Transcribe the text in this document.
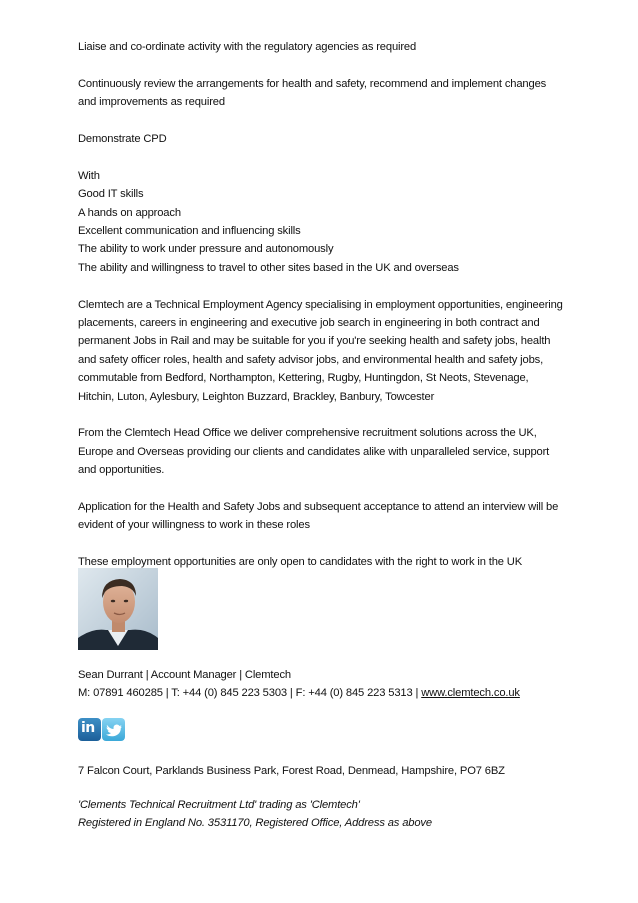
Liaise and co-ordinate activity with the regulatory agencies as required

Continuously review the arrangements for health and safety, recommend and implement changes
and improvements as required

Demonstrate CPD

With
Good IT skills
A hands on approach
Excellent communication and influencing skills
The ability to work under pressure and autonomously
The ability and willingness to travel to other sites based in the UK and overseas

Clemtech are a Technical Employment Agency specialising in employment opportunities, engineering
placements, careers in engineering and executive job search in engineering in both contract and
permanent Jobs in Rail and may be suitable for you if you're seeking health and safety jobs, health
and safety officer roles, health and safety advisor jobs, and environmental health and safety jobs,
commutable from Bedford, Northampton, Kettering, Rugby, Huntingdon, St Neots, Stevenage,
Hitchin, Luton, Aylesbury, Leighton Buzzard, Brackley, Banbury, Towcester

From the Clemtech Head Office we deliver comprehensive recruitment solutions across the UK,
Europe and Overseas providing our clients and candidates alike with unparalleled service, support
and opportunities.

Application for the Health and Safety Jobs and subsequent acceptance to attend an interview will be
evident of your willingness to work in these roles

These employment opportunities are only open to candidates with the right to work in the UK

Sean Durrant | Account Manager | Clemtech
M: 07891 460285 | T: +44 (0) 845 223 5303 | F: +44 (0) 845 223 5313 | www.clemtech.co.uk
in
7 Falcon Court, Parklands Business Park, Forest Road, Denmead, Hampshire, PO7 6BZ
'Clements Technical Recruitment Ltd' trading as 'Clemtech'
Registered in England No. 3531170, Registered Office, Address as above
